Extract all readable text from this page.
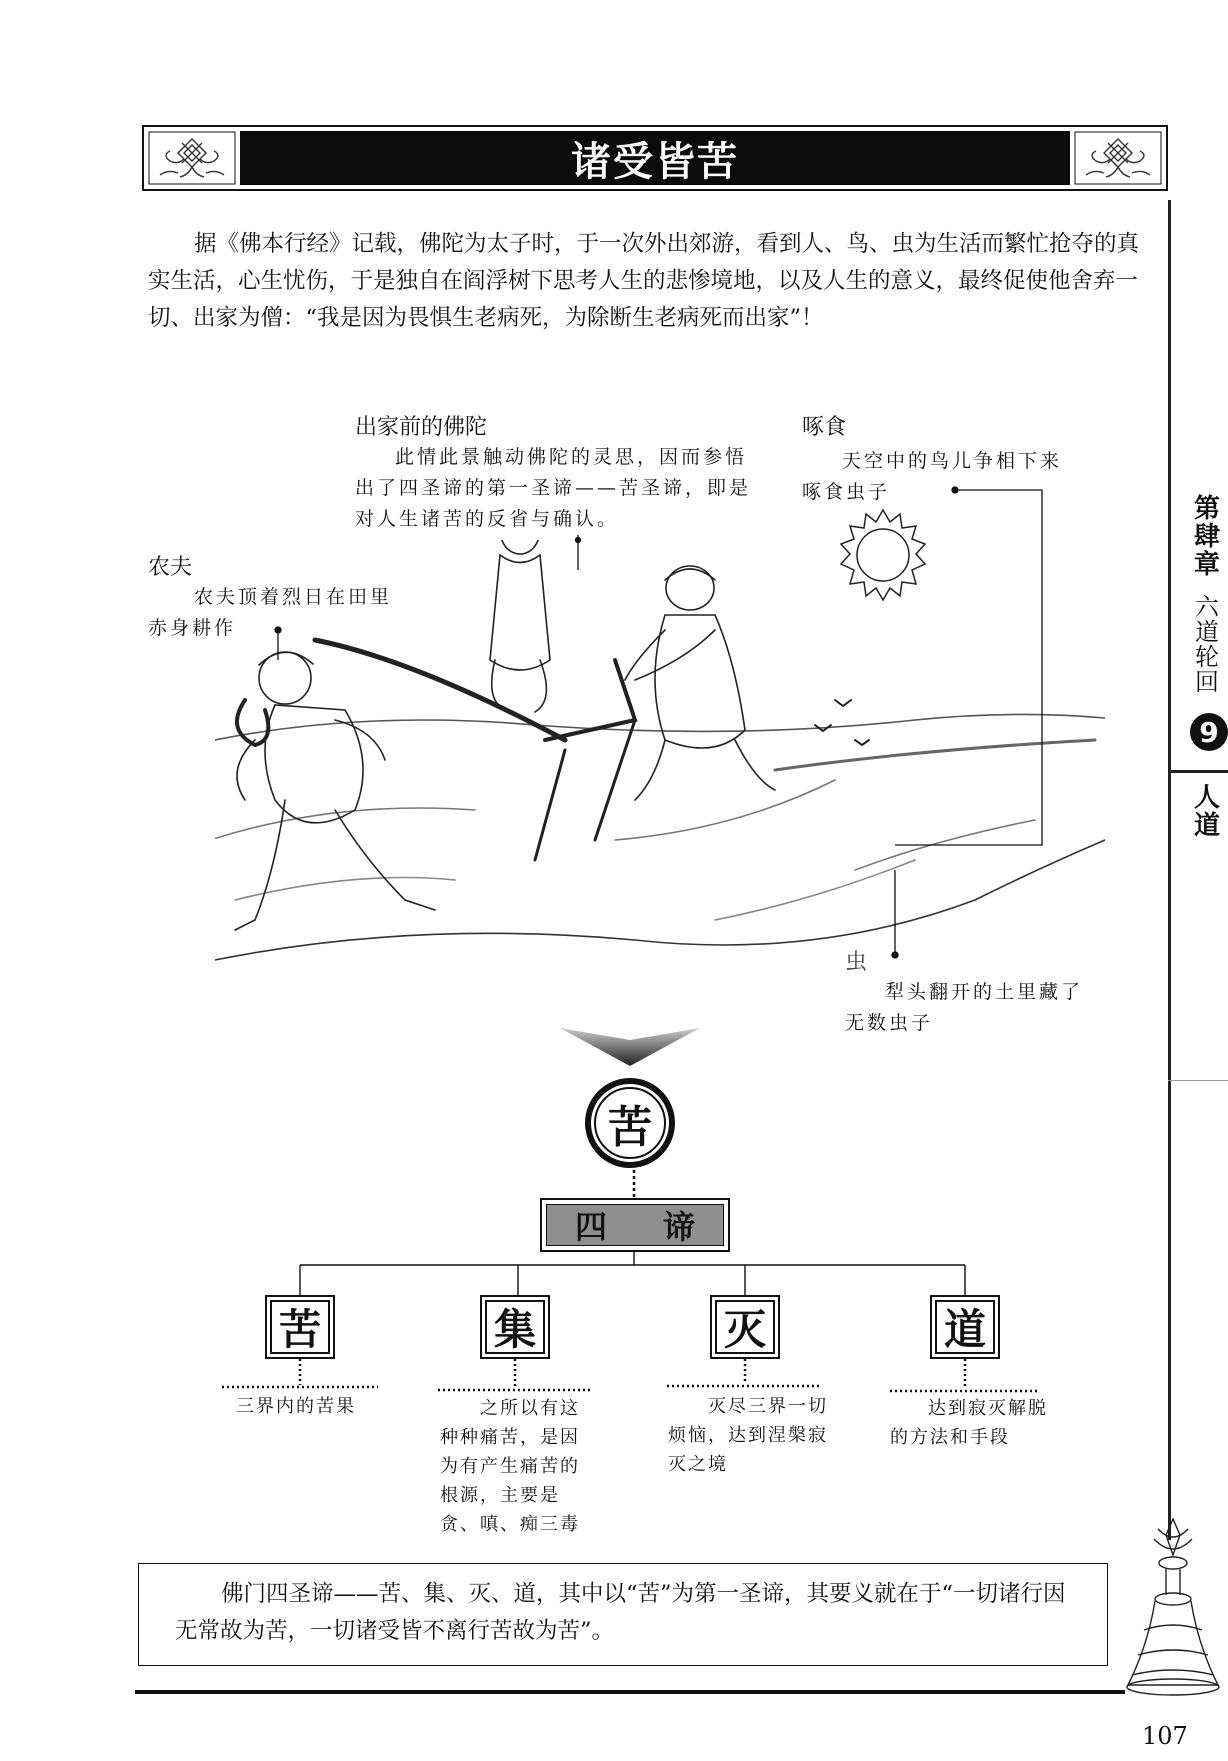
诸受皆苦
第肆章
六道轮回
9
人道
据《佛本行经》记载，佛陀为太子时，于一次外出郊游，看到人、鸟、虫为生活而繁忙抢夺的真实生活，心生忧伤，于是独自在阎浮树下思考人生的悲惨境地，以及人生的意义，最终促使他舍弃一切、出家为僧：“我是因为畏惧生老病死，为除断生老病死而出家”！
出家前的佛陀
此情此景触动佛陀的灵思，因而参悟出了四圣谛的第一圣谛——苦圣谛，即是对人生诸苦的反省与确认。
啄食
天空中的鸟儿争相下来啄食虫子
农夫
农夫顶着烈日在田里赤身耕作
虫
犁头翻开的土里藏了无数虫子
苦
四 谛
苦	集	灭	道
三界内的苦果	之所以有这种种痛苦，是因为有产生痛苦的根源，主要是贪、嗔、痴三毒
灭尽三界一切烦恼，达到涅槃寂灭之境
达到寂灭解脱的方法和手段
佛门四圣谛——苦、集、灭、道，其中以“苦”为第一圣谛，其要义就在于“一切诸行因无常故为苦，一切诸受皆不离行苦故为苦”。
107
